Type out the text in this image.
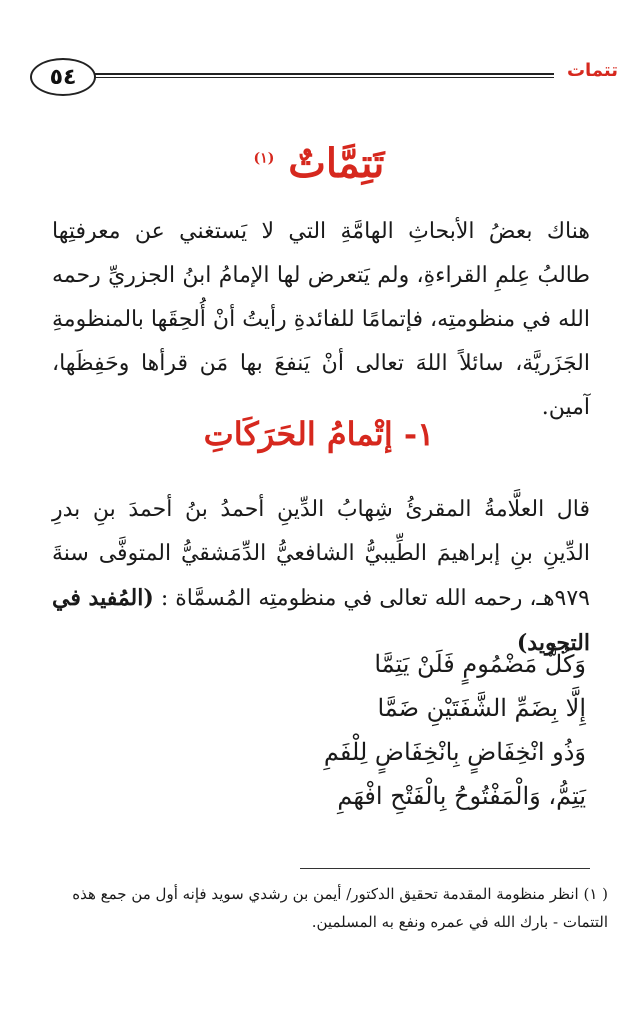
تتمات
٥٤
تَتِمَّاتٌ $^{(١)}$
هناك بعضُ الأبحاثِ الهامَّةِ التي لا يَستغني عن معرفتِها طالبُ عِلمِ القراءةِ، ولم يَتعرض لها الإمامُ ابنُ الجزريِّ رحمه الله في منظومتِه، فإتمامًا للفائدةِ رأيتُ أنْ أُلحِقَها بالمنظومةِ الجَزَريَّة، سائلاً اللهَ تعالى أنْ يَنفعَ بها مَن قرأها وحَفِظَها، آمين.
١- إتْمامُ الحَرَكَاتِ
قال العلَّامةُ المقرئُ شِهابُ الدِّينِ أحمدُ بنُ أحمدَ بنِ بدرِ الدِّينِ بنِ إبراهيمَ الطِّيبيُّ الشافعيُّ الدِّمَشقيُّ المتوفَّى سنةَ ٩٧٩هـ، رحمه الله تعالى في منظومتِه المُسمَّاة : (المُفيد في التجويد)
وَكُلُّ مَضْمُومٍ فَلَنْ يَتِمَّا
إِلَّا بِضَمِّ الشَّفَتَيْنِ ضَمَّا
وَذُو انْخِفَاضٍ بِانْخِفَاضٍ لِلْفَمِ
يَتِمُّ، وَالْمَفْتُوحُ بِالْفَتْحِ افْهَمِ
( ١) انظر منظومة المقدمة تحقيق الدكتور/ أيمن بن رشدي سويد فإنه أول من جمع هذه التتمات - بارك الله في عمره ونفع به المسلمين.
